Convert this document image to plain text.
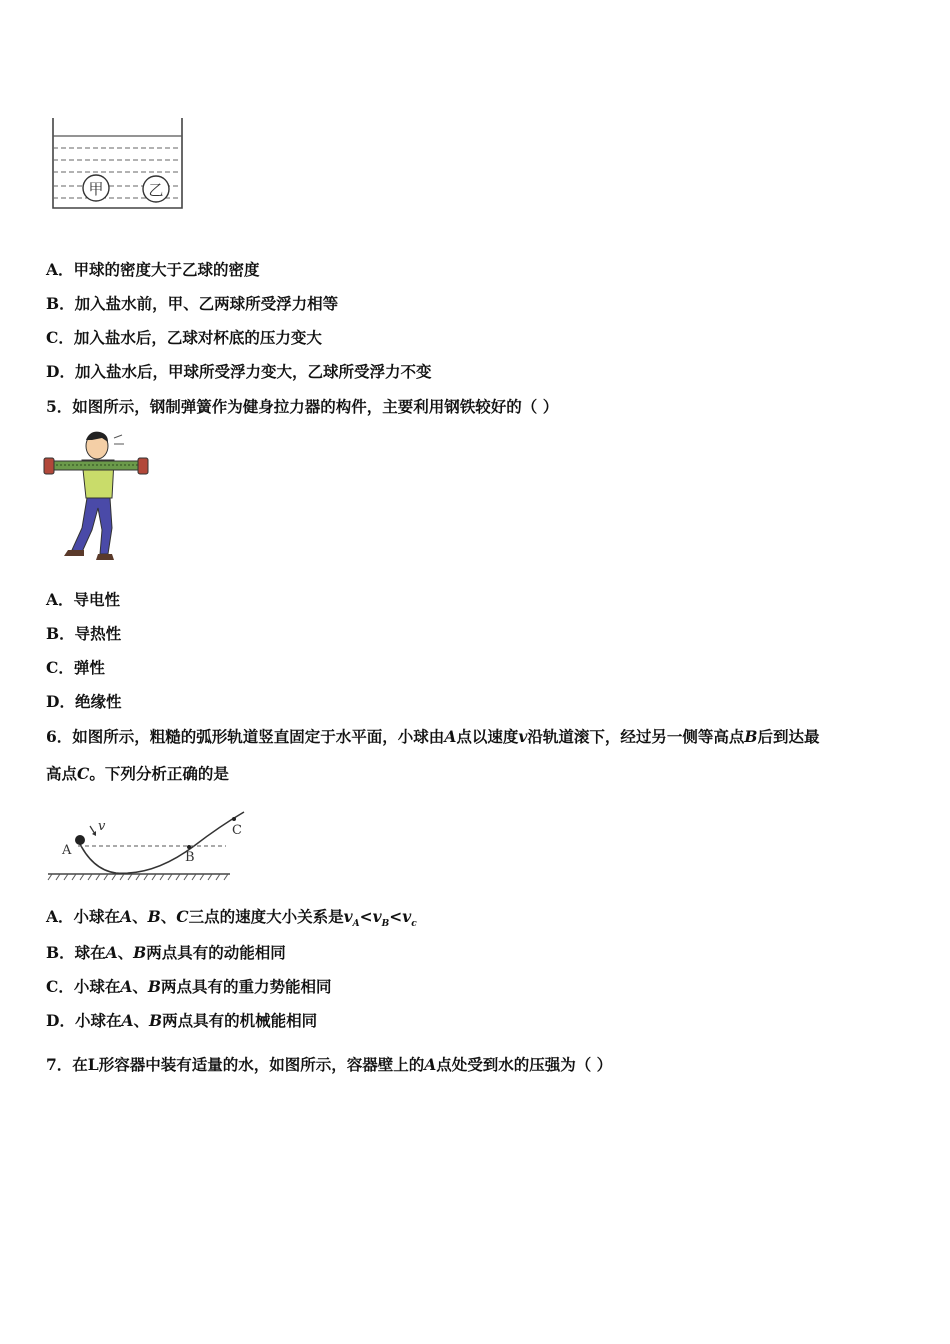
甲	乙
A．甲球的密度大于乙球的密度
B．加入盐水前，甲、乙两球所受浮力相等
C．加入盐水后，乙球对杯底的压力变大
D．加入盐水后，甲球所受浮力变大，乙球所受浮力不变
5．如图所示，钢制弹簧作为健身拉力器的构件，主要利用钢铁较好的（ ）
A．导电性
B．导热性
C．弹性
D．绝缘性
6．如图所示，粗糙的弧形轨道竖直固定于水平面，小球由A点以速度v沿轨道滚下，经过另一侧等高点B后到达最
高点C。下列分析正确的是
v
A	B
C
A．小球在A、B、C三点的速度大小关系是$v_A<v_B<v_c$
B．球在A、B两点具有的动能相同
C．小球在A、B两点具有的重力势能相同
D．小球在A、B两点具有的机械能相同
7．在L形容器中装有适量的水，如图所示，容器壁上的A点处受到水的压强为（ ）
